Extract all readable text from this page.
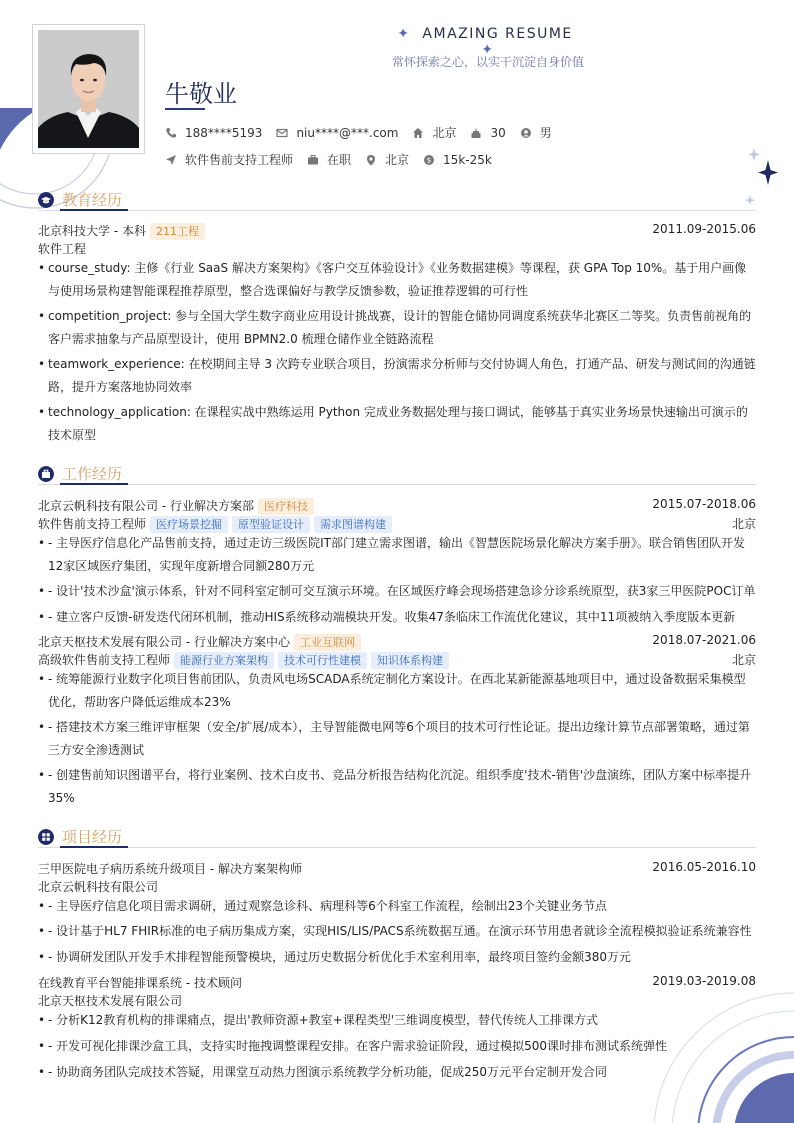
✦ AMAZING RESUME ✦
常怀探索之心，以实干沉淀自身价值
牛敬业
188****5193	niu****@***.com	北京	30	男
软件售前支持工程师	在职	北京	$ 15k-25k
教育经历
北京科技大学 - 本科 211工程	2011.09-2015.06
软件工程
• course_study: 主修《行业 SaaS 解决方案架构》《客户交互体验设计》《业务数据建模》等课程，获 GPA Top 10%。基于用户画像与使用场景构建智能课程推荐原型，整合选课偏好与教学反馈参数，验证推荐逻辑的可行性
• competition_project: 参与全国大学生数字商业应用设计挑战赛，设计的智能仓储协同调度系统获华北赛区二等奖。负责售前视角的客户需求抽象与产品原型设计，使用 BPMN2.0 梳理仓储作业全链路流程
• teamwork_experience: 在校期间主导 3 次跨专业联合项目，扮演需求分析师与交付协调人角色，打通产品、研发与测试间的沟通链路，提升方案落地协同效率
• technology_application: 在课程实战中熟练运用 Python 完成业务数据处理与接口调试，能够基于真实业务场景快速输出可演示的技术原型
工作经历
北京云帆科技有限公司 - 行业解决方案部 医疗科技	2015.07-2018.06
软件售前支持工程师 医疗场景挖掘 原型验证设计 需求图谱构建	北京
• - 主导医疗信息化产品售前支持，通过走访三级医院IT部门建立需求图谱，输出《智慧医院场景化解决方案手册》。联合销售团队开发12家区域医疗集团，实现年度新增合同额280万元
• - 设计'技术沙盒'演示体系，针对不同科室定制可交互演示环境。在区域医疗峰会现场搭建急诊分诊系统原型，获3家三甲医院POC订单
• - 建立客户反馈-研发迭代闭环机制，推动HIS系统移动端模块开发。收集47条临床工作流优化建议，其中11项被纳入季度版本更新
北京天枢技术发展有限公司 - 行业解决方案中心 工业互联网	2018.07-2021.06
高级软件售前支持工程师 能源行业方案架构 技术可行性建模 知识体系构建	北京
• - 统筹能源行业数字化项目售前团队，负责风电场SCADA系统定制化方案设计。在西北某新能源基地项目中，通过设备数据采集模型优化，帮助客户降低运维成本23%
• - 搭建技术方案三维评审框架（安全/扩展/成本），主导智能微电网等6个项目的技术可行性论证。提出边缘计算节点部署策略，通过第三方安全渗透测试
• - 创建售前知识图谱平台，将行业案例、技术白皮书、竞品分析报告结构化沉淀。组织季度'技术-销售'沙盘演练，团队方案中标率提升35%
项目经历
三甲医院电子病历系统升级项目 - 解决方案架构师	2016.05-2016.10
北京云帆科技有限公司
• - 主导医疗信息化项目需求调研，通过观察急诊科、病理科等6个科室工作流程，绘制出23个关键业务节点
• - 设计基于HL7 FHIR标准的电子病历集成方案，实现HIS/LIS/PACS系统数据互通。在演示环节用患者就诊全流程模拟验证系统兼容性
• - 协调研发团队开发手术排程智能预警模块，通过历史数据分析优化手术室利用率，最终项目签约金额380万元
在线教育平台智能排课系统 - 技术顾问	2019.03-2019.08
北京天枢技术发展有限公司
• - 分析K12教育机构的排课痛点，提出'教师资源+教室+课程类型'三维调度模型，替代传统人工排课方式
• - 开发可视化排课沙盒工具，支持实时拖拽调整课程安排。在客户需求验证阶段，通过模拟500课时排布测试系统弹性
• - 协助商务团队完成技术答疑，用课堂互动热力图演示系统教学分析功能，促成250万元平台定制开发合同
